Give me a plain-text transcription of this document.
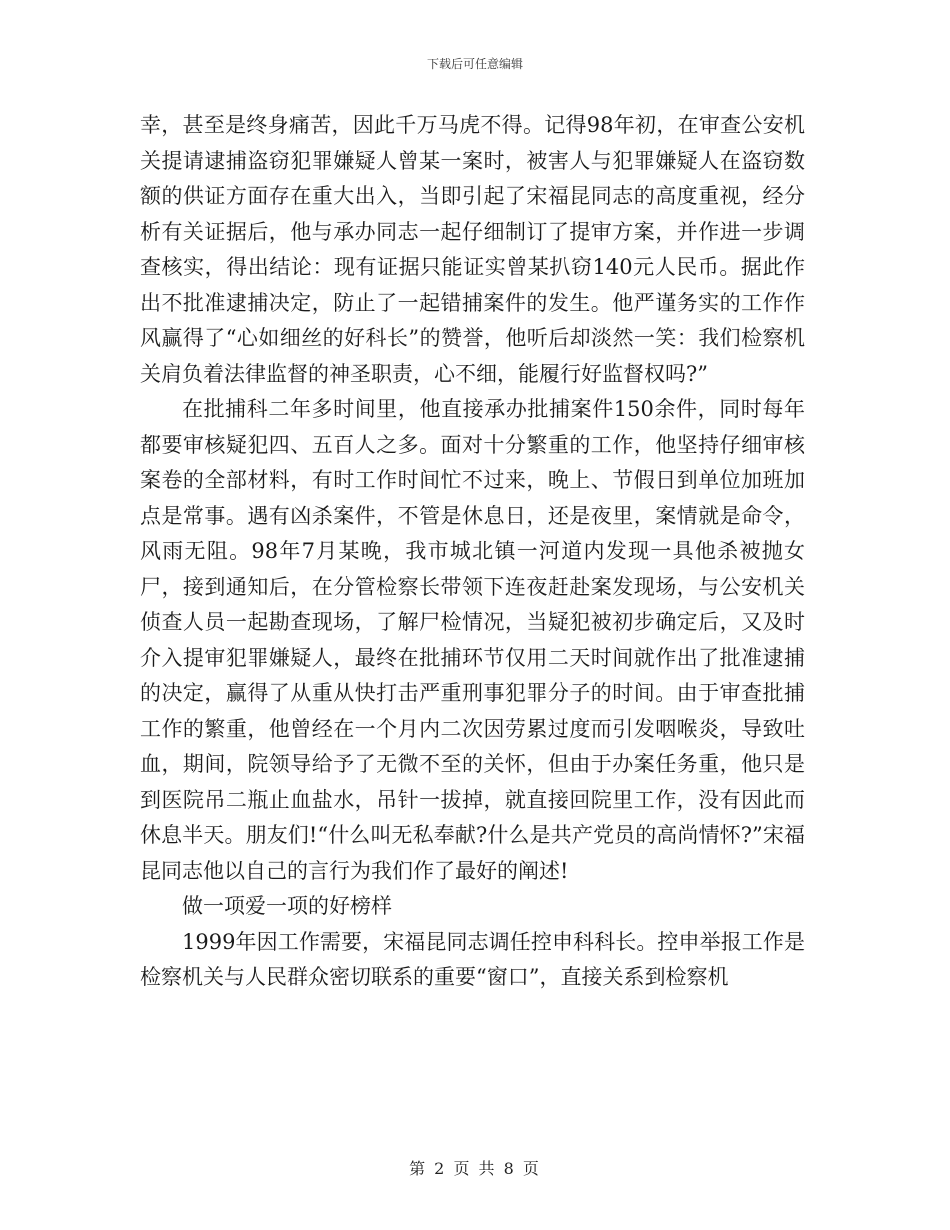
下载后可任意编辑

幸，甚至是终身痛苦，因此千万马虎不得。记得98年初，在审查公安机关提请逮捕盗窃犯罪嫌疑人曾某一案时，被害人与犯罪嫌疑人在盗窃数额的供证方面存在重大出入，当即引起了宋福昆同志的高度重视，经分析有关证据后，他与承办同志一起仔细制订了提审方案，并作进一步调查核实，得出结论：现有证据只能证实曾某扒窃140元人民币。据此作出不批准逮捕决定，防止了一起错捕案件的发生。他严谨务实的工作作风赢得了“心如细丝的好科长”的赞誉，他听后却淡然一笑：我们检察机关肩负着法律监督的神圣职责，心不细，能履行好监督权吗?”

在批捕科二年多时间里，他直接承办批捕案件150余件，同时每年都要审核疑犯四、五百人之多。面对十分繁重的工作，他坚持仔细审核案卷的全部材料，有时工作时间忙不过来，晚上、节假日到单位加班加点是常事。遇有凶杀案件，不管是休息日，还是夜里，案情就是命令，风雨无阻。98年7月某晚，我市城北镇一河道内发现一具他杀被抛女尸，接到通知后，在分管检察长带领下连夜赶赴案发现场，与公安机关侦查人员一起勘查现场，了解尸检情况，当疑犯被初步确定后，又及时介入提审犯罪嫌疑人，最终在批捕环节仅用二天时间就作出了批准逮捕的决定，赢得了从重从快打击严重刑事犯罪分子的时间。由于审查批捕工作的繁重，他曾经在一个月内二次因劳累过度而引发咽喉炎，导致吐血，期间，院领导给予了无微不至的关怀，但由于办案任务重，他只是到医院吊二瓶止血盐水，吊针一拔掉，就直接回院里工作，没有因此而休息半天。朋友们!“什么叫无私奉献?什么是共产党员的高尚情怀?”宋福昆同志他以自己的言行为我们作了最好的阐述!

做一项爱一项的好榜样

1999年因工作需要，宋福昆同志调任控申科科长。控申举报工作是检察机关与人民群众密切联系的重要“窗口”，直接关系到检察机

第 2 页 共 8 页
